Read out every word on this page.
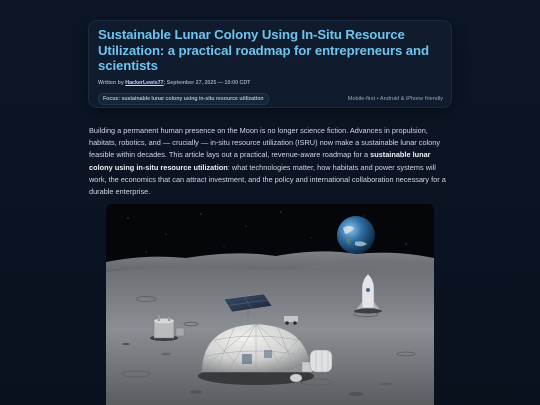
Sustainable Lunar Colony Using In-Situ Resource Utilization: a practical roadmap for entrepreneurs and scientists
Written by HackerLewis77; September 27, 2025 — 10:00 CDT
Focus: sustainable lunar colony using in-situ resource utilization	Mobile-first • Android & iPhone friendly

Building a permanent human presence on the Moon is no longer science fiction. Advances in propulsion, habitats, robotics, and — crucially — in-situ resource utilization (ISRU) now make a sustainable lunar colony feasible within decades. This article lays out a practical, revenue-aware roadmap for a sustainable lunar colony using in-situ resource utilization: what technologies matter, how habitats and power systems will work, the economics that can attract investment, and the policy and international collaboration necessary for a durable enterprise.
